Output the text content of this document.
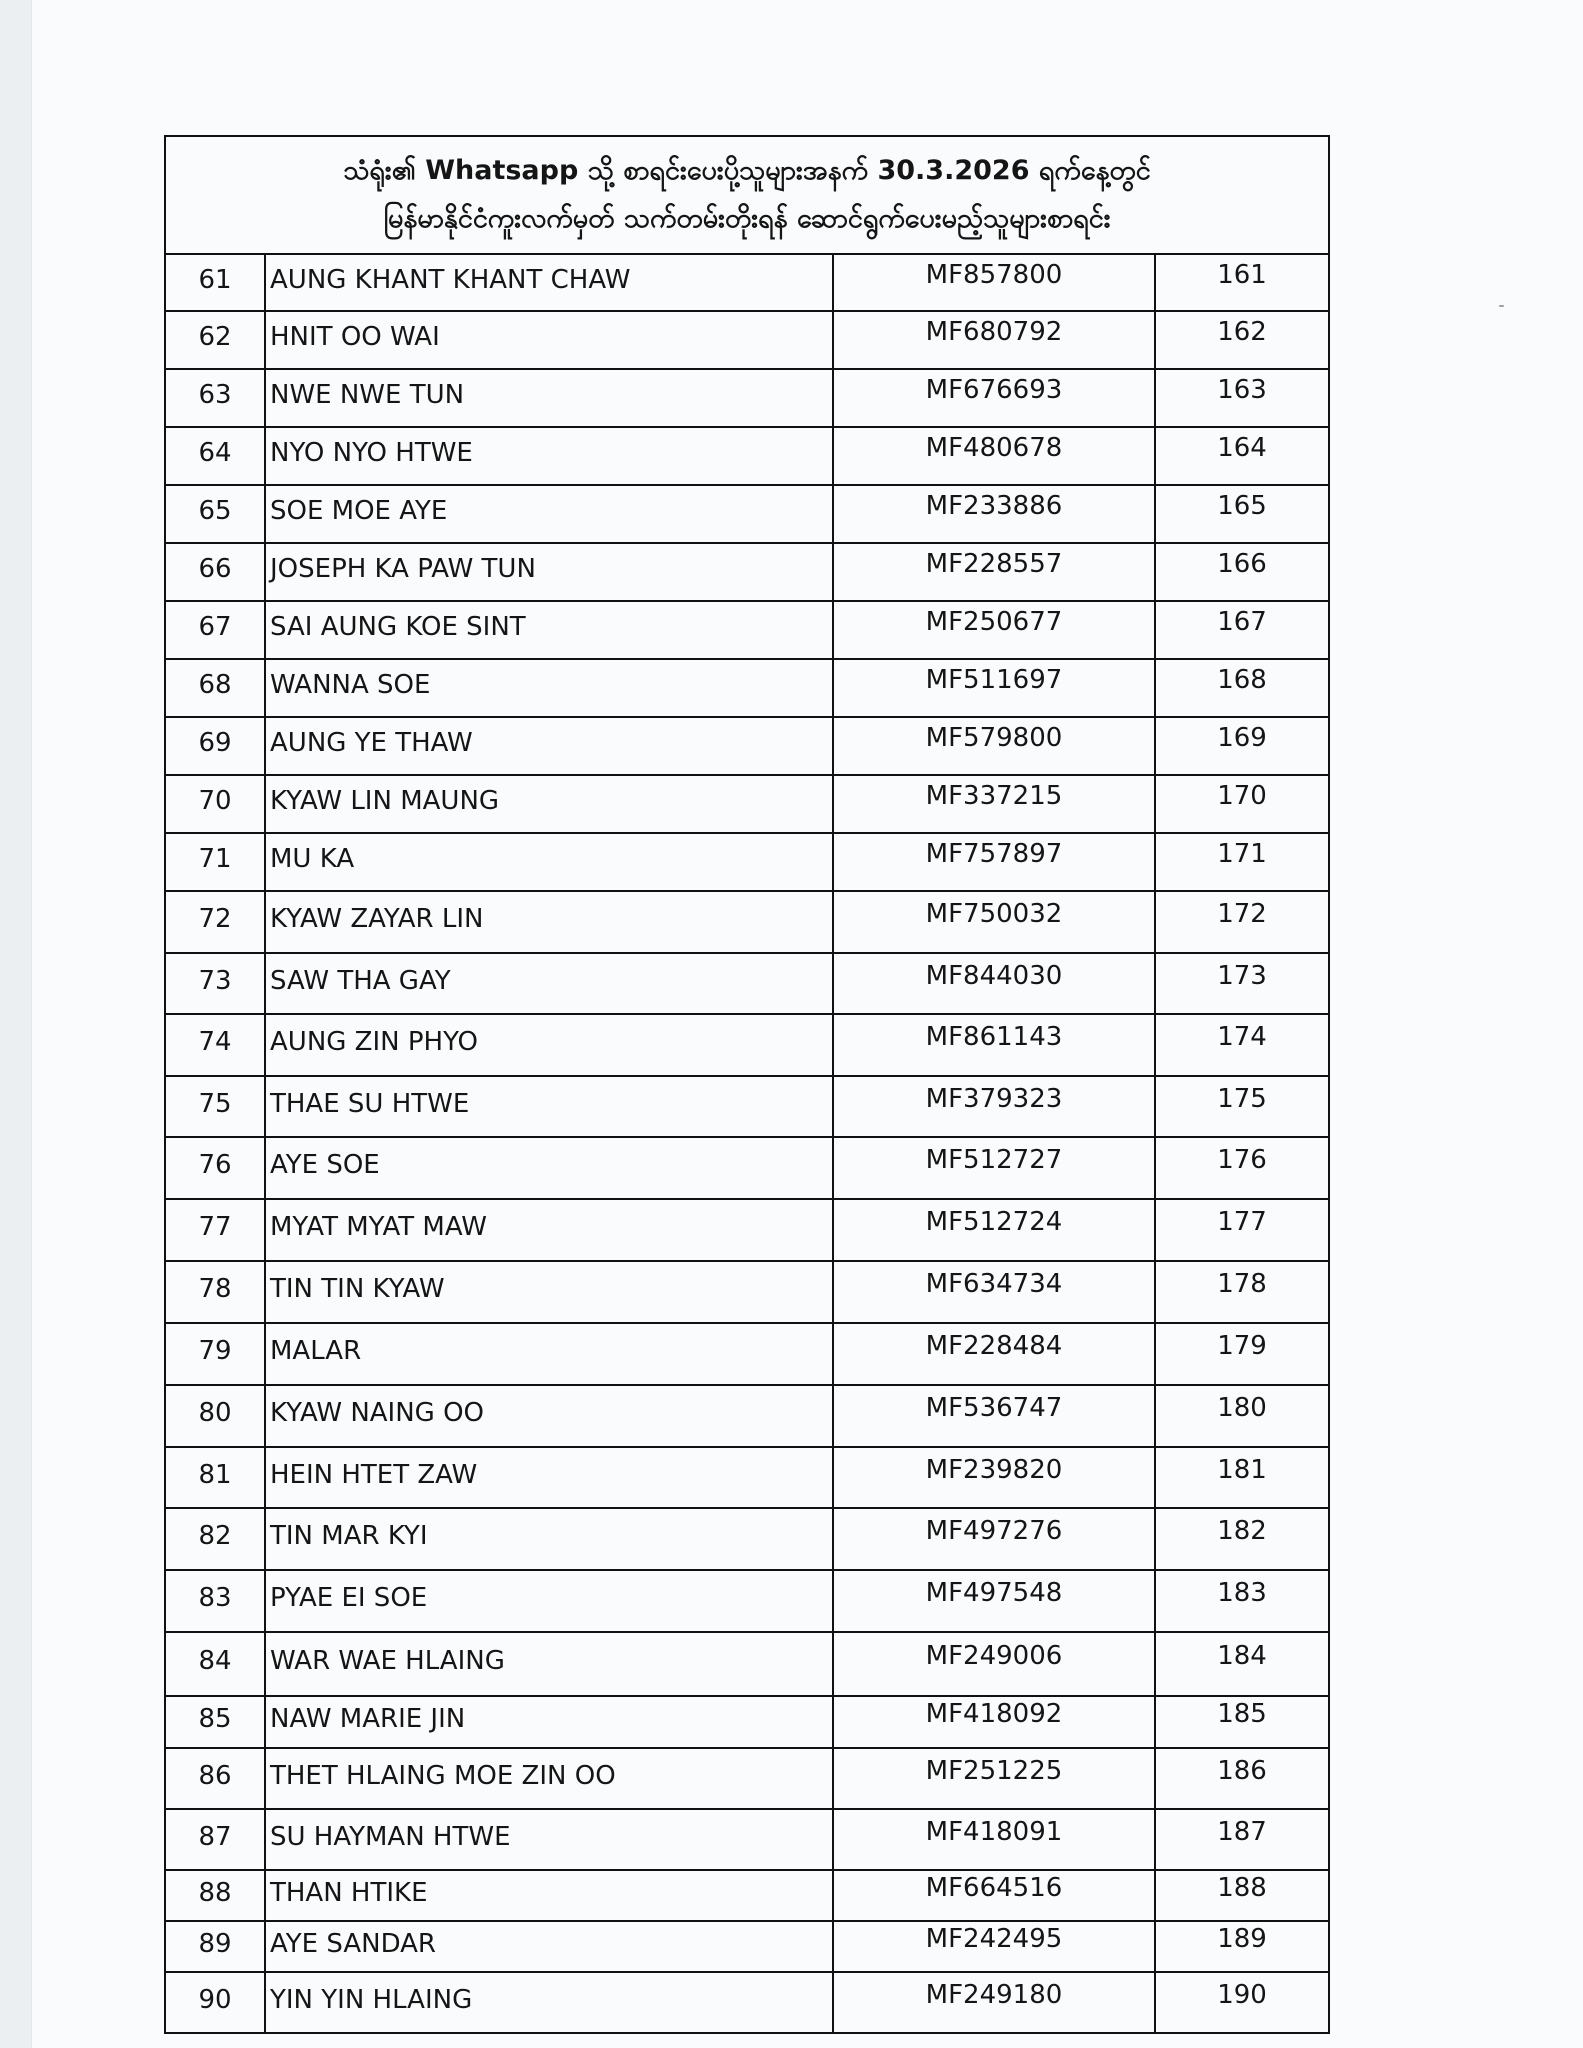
သံရုံး၏ Whatsapp သို့ စာရင်းပေးပို့သူများအနက် 30.3.2026 ရက်နေ့တွင်
မြန်မာနိုင်ငံကူးလက်မှတ် သက်တမ်းတိုးရန် ဆောင်ရွက်ပေးမည့်သူများစာရင်း			

61	AUNG KHANT KHANT CHAW	MF857800	161
62	HNIT OO WAI	MF680792	162
63	NWE NWE TUN	MF676693	163
64	NYO NYO HTWE	MF480678	164
65	SOE MOE AYE	MF233886	165
66	JOSEPH KA PAW TUN	MF228557	166
67	SAI AUNG KOE SINT	MF250677	167
68	WANNA SOE	MF511697	168
69	AUNG YE THAW	MF579800	169
70	KYAW LIN MAUNG	MF337215	170
71	MU KA	MF757897	171
72	KYAW ZAYAR LIN	MF750032	172
73	SAW THA GAY	MF844030	173
74	AUNG ZIN PHYO	MF861143	174
75	THAE SU HTWE	MF379323	175
76	AYE SOE	MF512727	176
77	MYAT MYAT MAW	MF512724	177
78	TIN TIN KYAW	MF634734	178
79	MALAR	MF228484	179
80	KYAW NAING OO	MF536747	180
81	HEIN HTET ZAW	MF239820	181
82	TIN MAR KYI	MF497276	182
83	PYAE EI SOE	MF497548	183
84	WAR WAE HLAING	MF249006	184
85	NAW MARIE JIN	MF418092	185
86	THET HLAING MOE ZIN OO	MF251225	186
87	SU HAYMAN HTWE	MF418091	187
88	THAN HTIKE	MF664516	188
89	AYE SANDAR	MF242495	189
90	YIN YIN HLAING	MF249180	190
